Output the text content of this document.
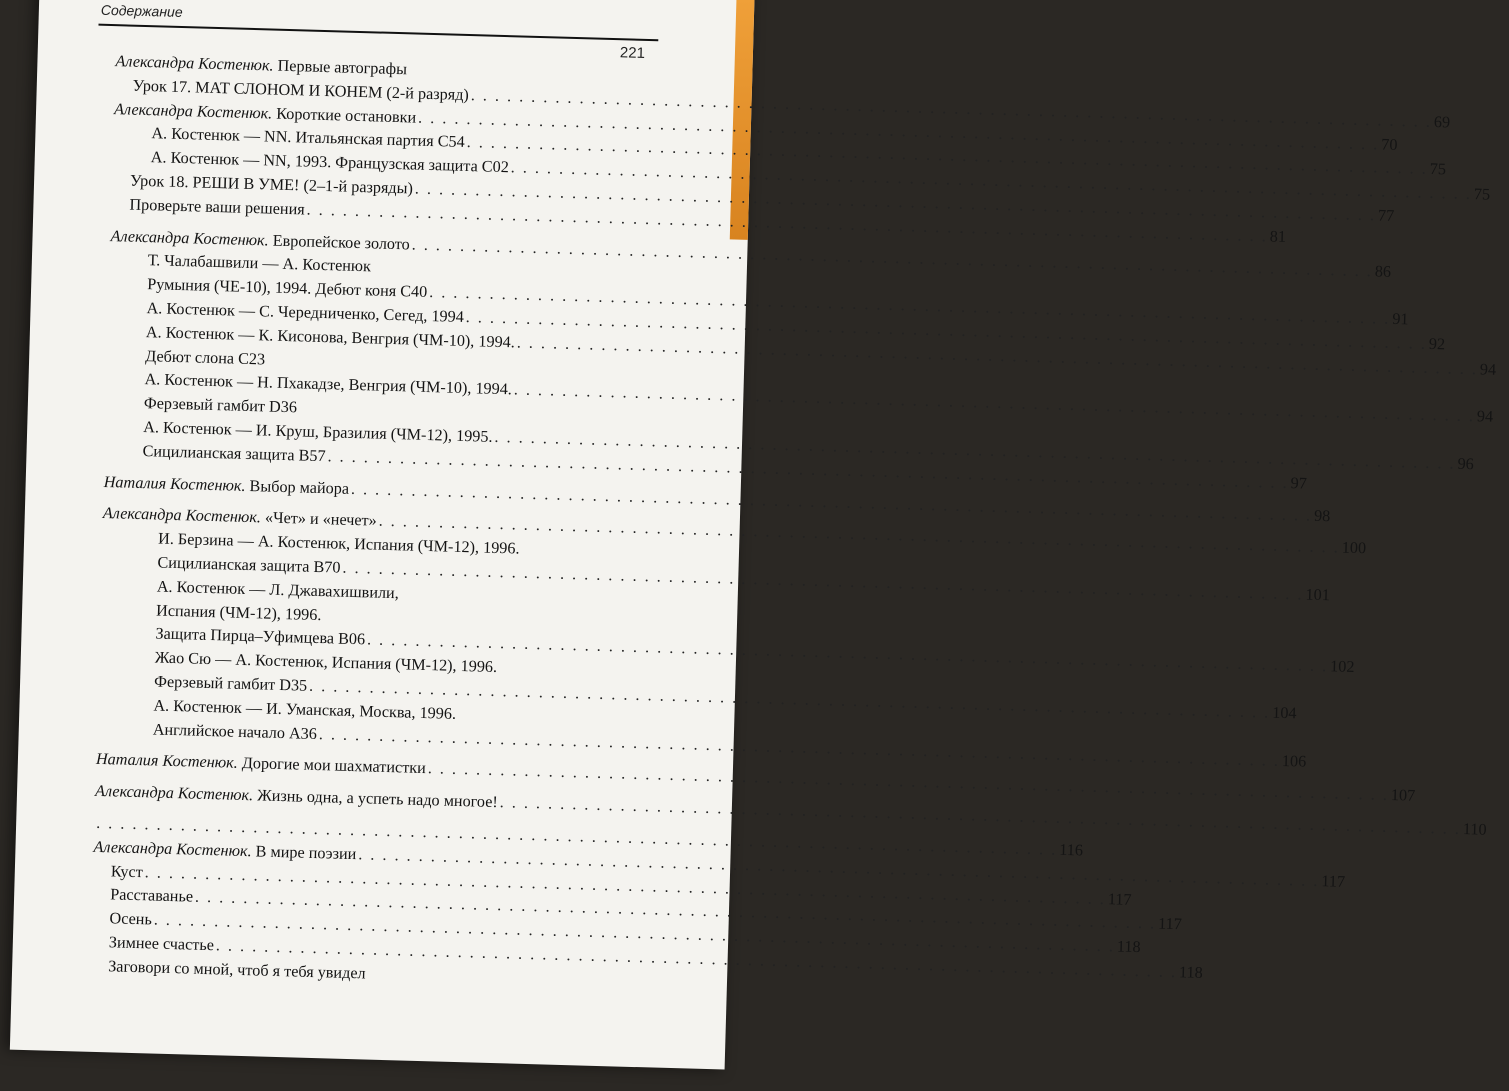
Содержание
221
Александра Костенюк. Первые автографы
Урок 17. МАТ СЛОНОМ И КОНЕМ (2-й разряд)
. . .
69
Александра Костенюк. Короткие остановки
. . .
70
А. Костенюк — NN. Итальянская партия С54
. . .
75
А. Костенюк — NN, 1993. Французская защита С02
. . .
75
Урок 18. РЕШИ В УМЕ! (2–1-й разряды)
. . .
77
Проверьте ваши решения
. . .
81
Александра Костенюк. Европейское золото
. . .
86
Т. Чалабашвили — А. Костенюк
Румыния (ЧЕ-10), 1994. Дебют коня С40
. . .
91
А. Костенюк — С. Чередниченко, Сегед, 1994
. . .
92
А. Костенюк — К. Кисонова, Венгрия (ЧМ-10), 1994.
. . .
94
Дебют слона С23
А. Костенюк — Н. Пхакадзе, Венгрия (ЧМ-10), 1994.
. . .
94
Ферзевый гамбит D36
А. Костенюк — И. Круш, Бразилия (ЧМ-12), 1995.
. . .
96
Сицилианская защита В57
. . .
97
Наталия Костенюк. Выбор майора
. . .
98
Александра Костенюк. «Чет» и «нечет»
. . .
100
И. Берзина — А. Костенюк, Испания (ЧМ-12), 1996.
Сицилианская защита В70
. . .
101
А. Костенюк — Л. Джавахишвили,
Испания (ЧМ-12), 1996.
Защита Пирца–Уфимцева В06
. . .
102
Жао Сю — А. Костенюк, Испания (ЧМ-12), 1996.
Ферзевый гамбит D35
. . .
104
А. Костенюк — И. Уманская, Москва, 1996.
Английское начало А36
. . .
106
Наталия Костенюк. Дорогие мои шахматистки
. . .
107
Александра Костенюк. Жизнь одна, а успеть надо многое!
. . .
110
. . .
116
Александра Костенюк. В мире поэзии
. . .
117
Куст
. . .
117
Расставанье
. . .
117
Осень
. . .
118
Зимнее счастье
. . .
118
Заговори со мной, чтоб я тебя увидел
